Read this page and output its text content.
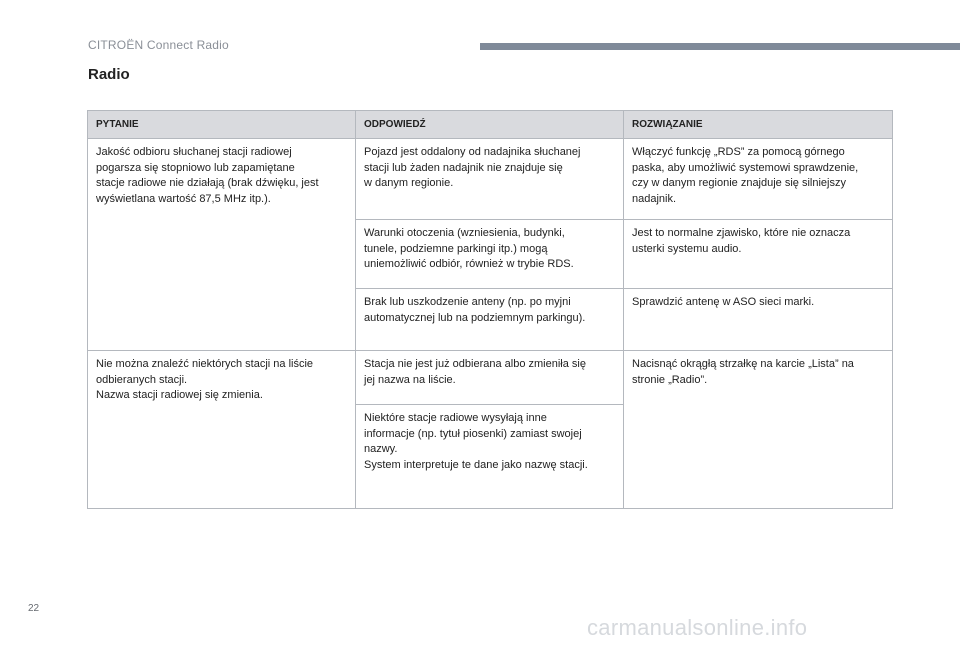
CITROËN Connect Radio
Radio
PYTANIE	ODPOWIEDŹ	ROZWIĄZANIE

Jakość odbioru słuchanej stacji radiowej
pogarsza się stopniowo lub zapamiętane
stacje radiowe nie działają (brak dźwięku, jest
wyświetlana wartość 87,5 MHz itp.).	Pojazd jest oddalony od nadajnika słuchanej
stacji lub żaden nadajnik nie znajduje się
w danym regionie.	Włączyć funkcję „RDS” za pomocą górnego
paska, aby umożliwić systemowi sprawdzenie,
czy w danym regionie znajduje się silniejszy
nadajnik.

	Warunki otoczenia (wzniesienia, budynki,
tunele, podziemne parkingi itp.) mogą
uniemożliwić odbiór, również w trybie RDS.	Jest to normalne zjawisko, które nie oznacza
usterki systemu audio.

	Brak lub uszkodzenie anteny (np. po myjni
automatycznej lub na podziemnym parkingu).	Sprawdzić antenę w ASO sieci marki.

Nie można znaleźć niektórych stacji na liście
odbieranych stacji.
Nazwa stacji radiowej się zmienia.	Stacja nie jest już odbierana albo zmieniła się
jej nazwa na liście.	Nacisnąć okrągłą strzałkę na karcie „Lista” na
stronie „Radio”.

	Niektóre stacje radiowe wysyłają inne
informacje (np. tytuł piosenki) zamiast swojej
nazwy.
System interpretuje te dane jako nazwę stacji.	
22
carmanualsonline.info
